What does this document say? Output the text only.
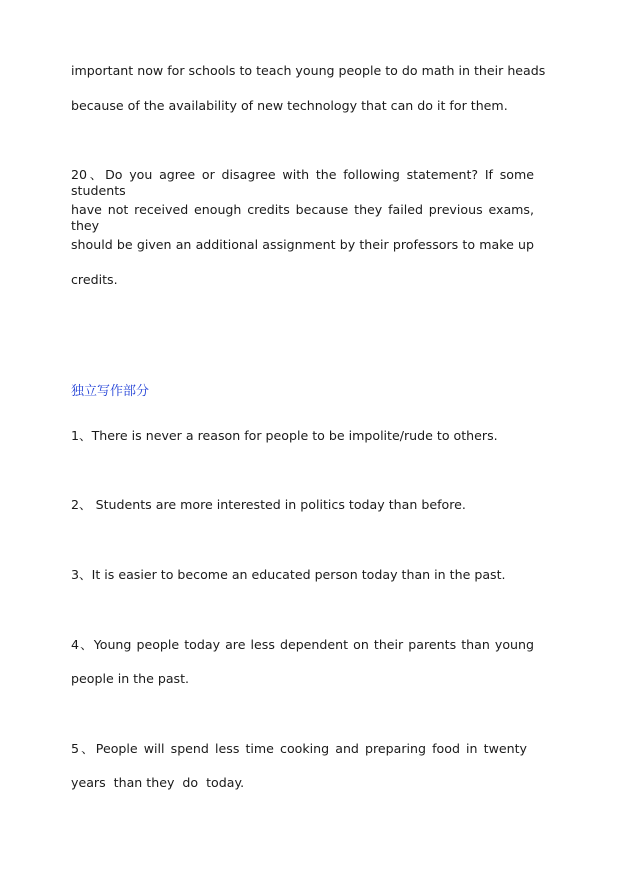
important now for schools to teach young people to do math in their heads
because of the availability of new technology that can do it for them.
20、Do you agree or disagree with the following statement? If some students
have not received enough credits because they failed previous exams, they
should be given an additional assignment by their professors to make up
credits.
独立写作部分
1、There is never a reason for people to be impolite/rude to others.
2、 Students are more interested in politics today than before.
3、It is easier to become an educated person today than in the past.
4、Young people today are less dependent on their parents than young
people in the past.
5、People will spend less time cooking and preparing food in twenty
years  than they  do  today.
